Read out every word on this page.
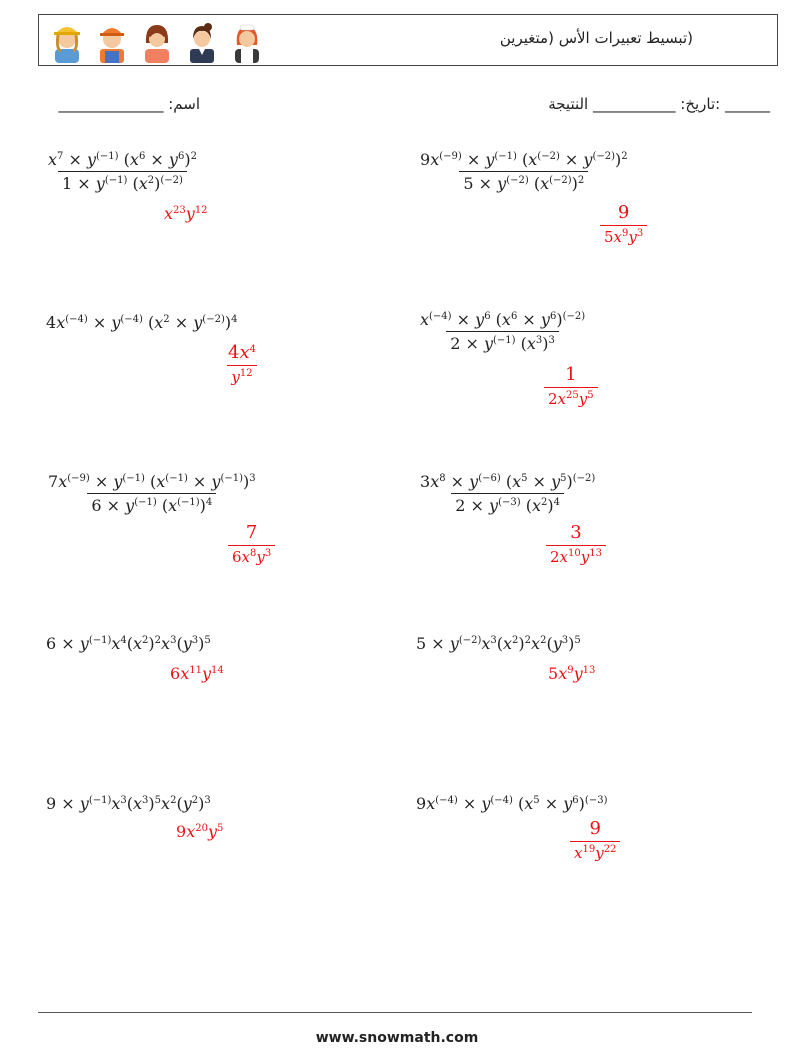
(تبسيط تعبيرات الأس (متغيرين
اسم: ______________	______ :تاريخ: ___________ النتيجة
$\frac{x^7 \times y^{(-1)} (x^6 \times y^6)^2}{1 \times y^{(-1)} (x^2)^{(-2)}}$
$x^{23}y^{12}$
$\frac{9x^{(-9)} \times y^{(-1)} (x^{(-2)} \times y^{(-2)})^2}{5 \times y^{(-2)} (x^{(-2)})^2}$
$\frac{9}{5x^9y^3}$
$4x^{(-4)} \times y^{(-4)}$ $(x^2 \times y^{(-2)})^4$
$\frac{4x^4}{y^{12}}$
$\frac{x^{(-4)} \times y^6 (x^6 \times y^6)^{(-2)}}{2 \times y^{(-1)} (x^3)^3}$
$\frac{1}{2x^{25}y^5}$
$\frac{7x^{(-9)} \times y^{(-1)} (x^{(-1)} \times y^{(-1)})^3}{6 \times y^{(-1)} (x^{(-1)})^4}$
$\frac{7}{6x^8y^3}$
$\frac{3x^8 \times y^{(-6)} (x^5 \times y^5)^{(-2)}}{2 \times y^{(-3)} (x^2)^4}$
$\frac{3}{2x^{10}y^{13}}$
$6 \times y^{(-1)}x^4(x^2)^2x^3(y^3)^5$
$6x^{11}y^{14}$
$5 \times y^{(-2)}x^3(x^2)^2x^2(y^3)^5$
$5x^9y^{13}$
$9 \times y^{(-1)}x^3(x^3)^5x^2(y^2)^3$
$9x^{20}y^5$
$9x^{(-4)} \times y^{(-4)}$ $(x^5 \times y^6)^{(-3)}$
$\frac{9}{x^{19}y^{22}}$
www.snowmath.com
